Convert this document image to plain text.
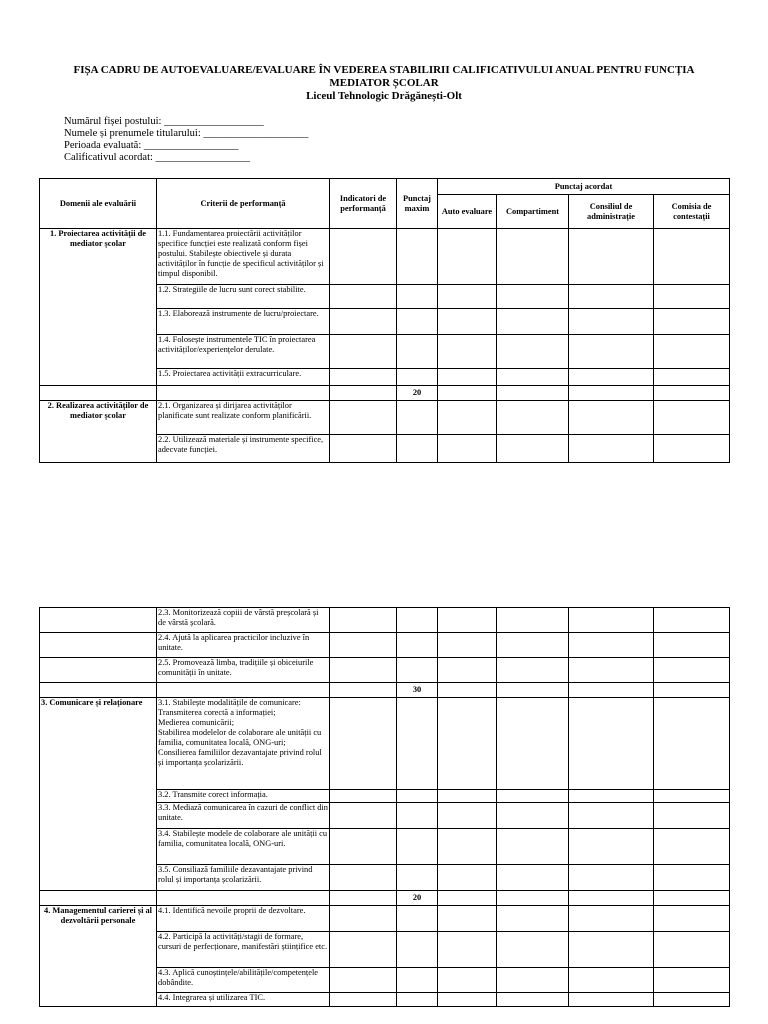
FIȘA CADRU DE AUTOEVALUARE/EVALUARE ÎN VEDEREA STABILIRII CALIFICATIVULUI ANUAL PENTRU FUNCȚIA
MEDIATOR ȘCOLAR
Liceul Tehnologic Drăgănești-Olt
Numărul fișei postului: ___________________
Numele și prenumele titularului: ____________________
Perioada evaluată: __________________
Calificativul acordat: __________________
Domenii ale evaluării	Criterii de performanță	Indicatori de performanță	Punctaj maxim	Punctaj acordat			
				Auto evaluare	Compartiment	Consiliul de administrație	Comisia de contestații
1. Proiectarea activității de mediator școlar	1.1. Fundamentarea proiectării activităților specifice funcției este realizată conform fișei postului. Stabilește obiectivele și durata activităților în funcție de specificul activităților și timpul disponibil.						
	1.2. Strategiile de lucru sunt corect stabilite.						
	1.3. Elaborează instrumente de lucru/proiectare.						
	1.4. Folosește instrumentele TIC în proiectarea activităților/experiențelor derulate.						
	1.5. Proiectarea activității extracurriculare.						
			20				
2. Realizarea activităților de mediator școlar	2.1. Organizarea și dirijarea activităților planificate sunt realizate conform planificării.						
	2.2. Utilizează materiale și instrumente specifice, adecvate funcției.						
	2.3. Monitorizează copiii de vârstă preșcolară și de vârstă școlară.						
	2.4. Ajută la aplicarea practicilor incluzive în unitate.						
	2.5. Promovează limba, tradițiile și obiceiurile comunității în unitate.						
			30				
3. Comunicare și relaționare	3.1. Stabilește modalitățile de comunicare:
Transmiterea corectă a informației;
Medierea comunicării;
Stabilirea modelelor de colaborare ale unității cu familia, comunitatea locală, ONG-uri;
Consilierea familiilor dezavantajate privind rolul și importanța școlarizării.						
	3.2. Transmite corect informația.						
	3.3. Mediază comunicarea în cazuri de conflict din unitate.						
	3.4. Stabilește modele de colaborare ale unității cu familia, comunitatea locală, ONG-uri.						
	3.5. Consiliază familiile dezavantajate privind rolul și importanța școlarizării.						
			20				
4. Managementul carierei și al dezvoltării personale	4.1. Identifică nevoile proprii de dezvoltare.						
	4.2. Participă la activități/stagii de formare, cursuri de perfecționare, manifestări științifice etc.						
	4.3. Aplică cunoștințele/abilitățile/competențele dobândite.						
	4.4. Integrarea și utilizarea TIC.						
